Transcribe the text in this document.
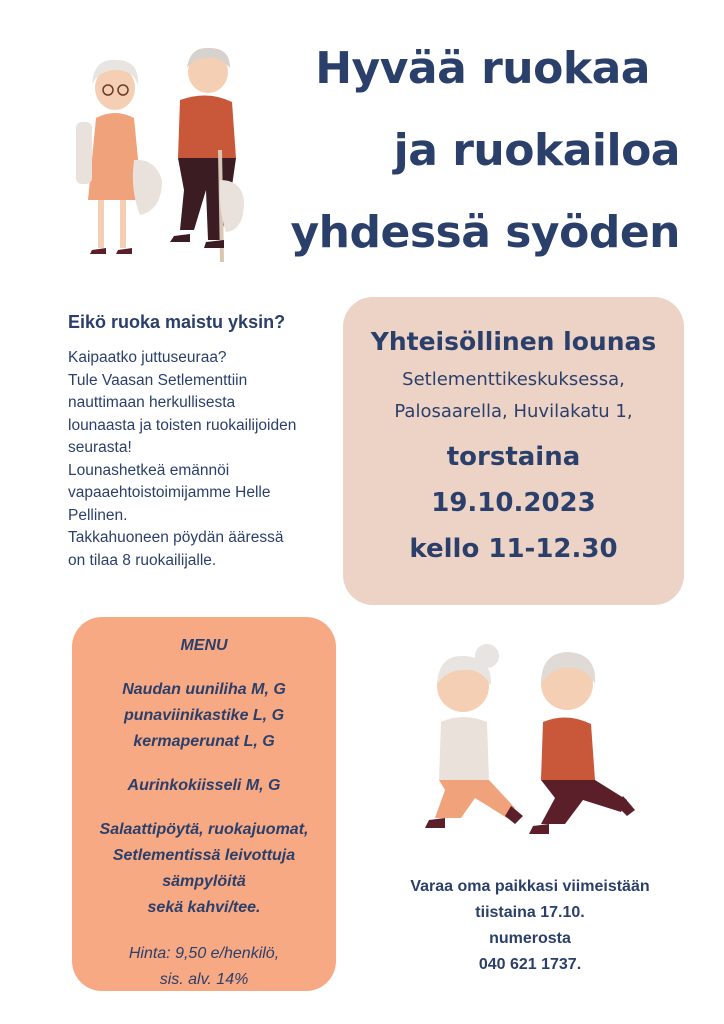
Hyvää ruokaa
ja ruokailoa
yhdessä syöden
Eikö ruoka maistu yksin?
Kaipaatko juttuseuraa?
Tule Vaasan Setlementtiin
nauttimaan herkullisesta
lounaasta ja toisten ruokailijoiden
seurasta!
Lounashetkeä emännöi
vapaaehtoistoimijamme Helle
Pellinen.
Takkahuoneen pöydän ääressä
on tilaa 8 ruokailijalle.
Yhteisöllinen lounas
Setlementtikeskuksessa,
Palosaarella, Huvilakatu 1,
torstaina
19.10.2023
kello 11-12.30
MENU
Naudan uuniliha M, G
punaviinikastike L, G
kermaperunat L, G
Aurinkokiisseli M, G
Salaattipöytä, ruokajuomat,
Setlementissä leivottuja
sämpylöitä
sekä kahvi/tee.
Hinta: 9,50 e/henkilö,
sis. alv. 14%
Varaa oma paikkasi viimeistään
tiistaina 17.10.
numerosta
040 621 1737.
